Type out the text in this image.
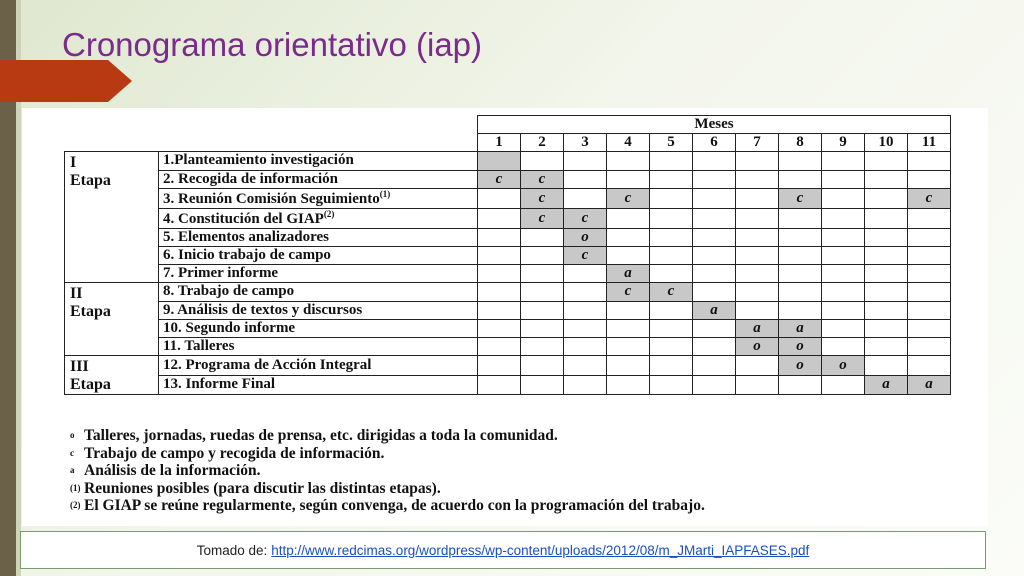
Cronograma orientativo (iap)
		Meses										
		1	2	3	4	5	6	7	8	9	10	11
I
Etapa	1.Planteamiento investigación											
	2. Recogida de información	c	c									
	3. Reunión Comisión Seguimiento$^{(1)}$		c		c				c			c
	4. Constitución del GIAP$^{(2)}$		c	c								
	5. Elementos analizadores			o								
	6. Inicio trabajo de campo			c								
	7. Primer informe				a							
II
Etapa	8. Trabajo de campo				c	c						
	9. Análisis de textos y discursos						a					
	10. Segundo informe							a	a			
	11. Talleres							o	o			
III
Etapa	12. Programa de Acción Integral								o	o		
	13. Informe Final										a	a
o Talleres, jornadas, ruedas de prensa, etc. dirigidas a toda la comunidad.
c Trabajo de campo y recogida de información.
a Análisis de la información.
(1) Reuniones posibles (para discutir las distintas etapas).
(2) El GIAP se reúne regularmente, según convenga, de acuerdo con la programación del trabajo.
Tomado de: http://www.redcimas.org/wordpress/wp-content/uploads/2012/08/m_JMarti_IAPFASES.pdf
